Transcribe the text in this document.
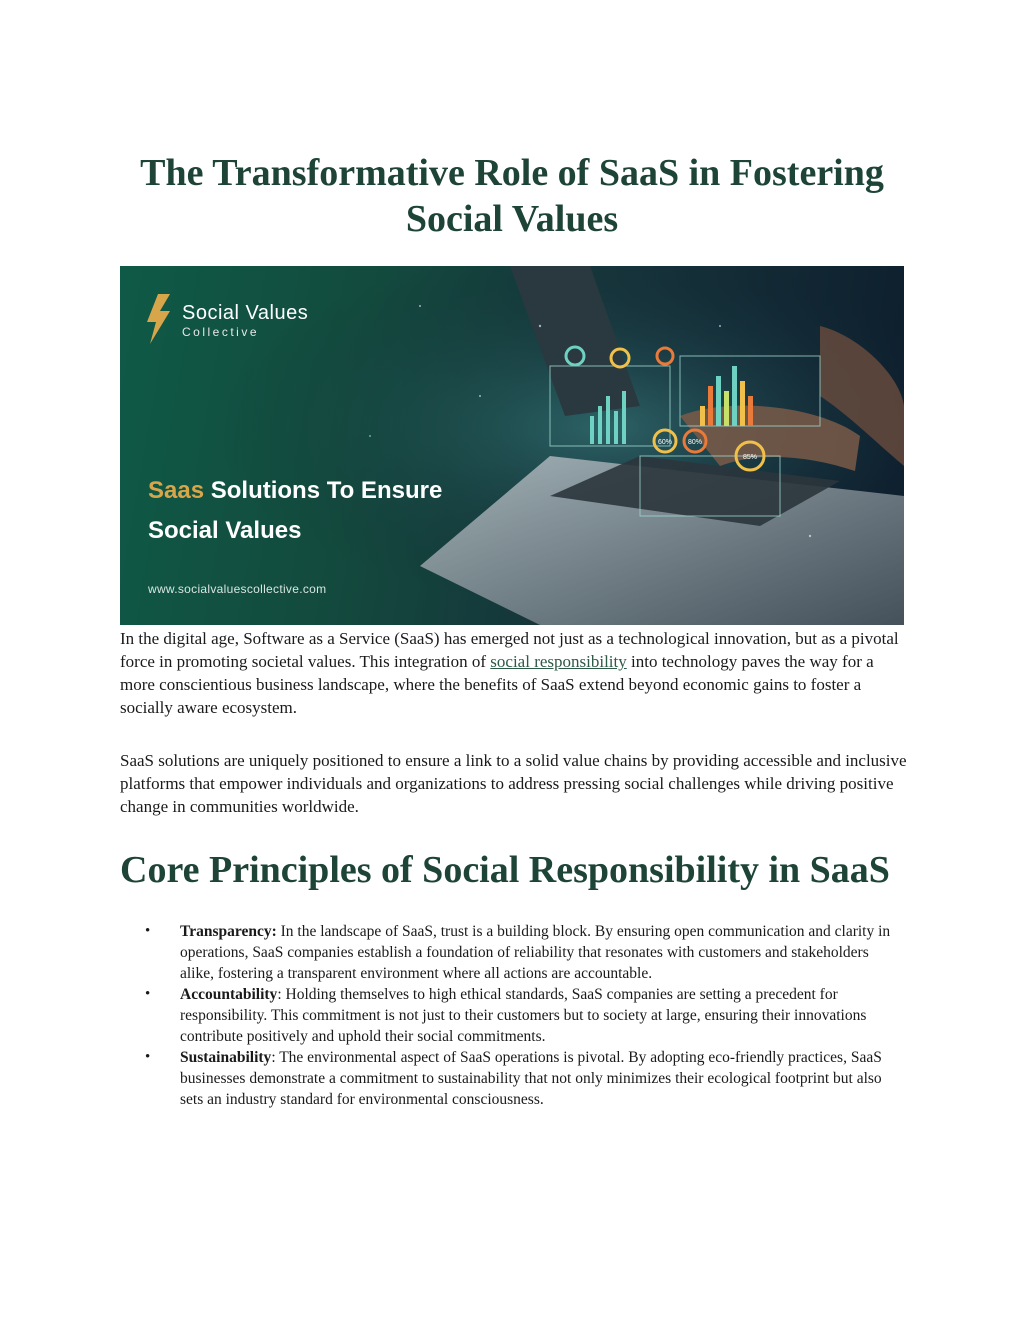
The Transformative Role of SaaS in Fostering Social Values
60% 80%
85%
Social Values
Collective
Saas Solutions To Ensure
Social Values
www.socialvaluescollective.com

In the digital age, Software as a Service (SaaS) has emerged not just as a technological innovation, but as a pivotal force in promoting societal values. This integration of social responsibility into technology paves the way for a more conscientious business landscape, where the benefits of SaaS extend beyond economic gains to foster a socially aware ecosystem.

SaaS solutions are uniquely positioned to ensure a link to a solid value chains by providing accessible and inclusive platforms that empower individuals and organizations to address pressing social challenges while driving positive change in communities worldwide.

Core Principles of Social Responsibility in SaaS
• Transparency: In the landscape of SaaS, trust is a building block. By ensuring open communication and clarity in operations, SaaS companies establish a foundation of reliability that resonates with customers and stakeholders alike, fostering a transparent environment where all actions are accountable.
• Accountability: Holding themselves to high ethical standards, SaaS companies are setting a precedent for responsibility. This commitment is not just to their customers but to society at large, ensuring their innovations contribute positively and uphold their social commitments.
• Sustainability: The environmental aspect of SaaS operations is pivotal. By adopting eco-friendly practices, SaaS businesses demonstrate a commitment to sustainability that not only minimizes their ecological footprint but also sets an industry standard for environmental consciousness.
